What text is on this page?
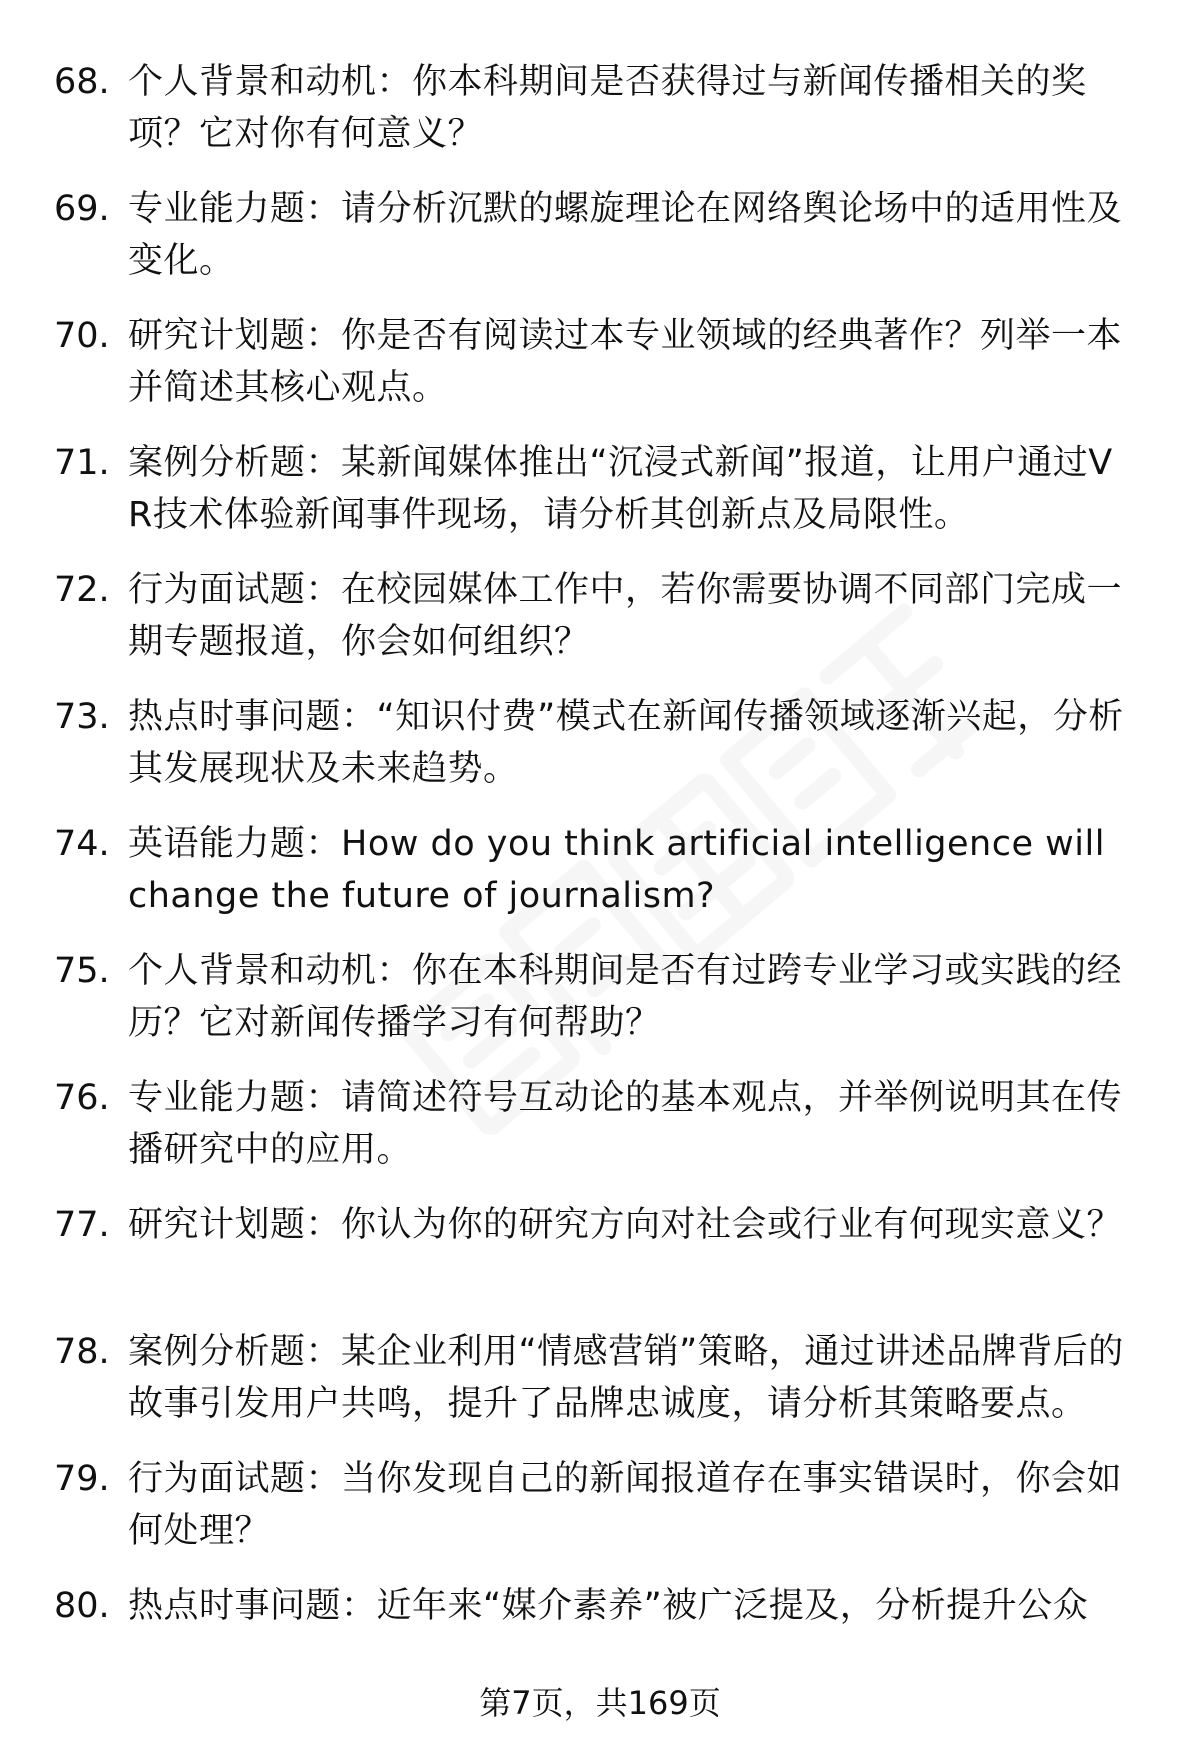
68. 个人背景和动机：你本科期间是否获得过与新闻传播相关的奖项？它对你有何意义？
69. 专业能力题：请分析沉默的螺旋理论在网络舆论场中的适用性及变化。
70. 研究计划题：你是否有阅读过本专业领域的经典著作？列举一本并简述其核心观点。
71. 案例分析题：某新闻媒体推出“沉浸式新闻”报道，让用户通过VR技术体验新闻事件现场，请分析其创新点及局限性。
72. 行为面试题：在校园媒体工作中，若你需要协调不同部门完成一期专题报道，你会如何组织？
73. 热点时事问题：“知识付费”模式在新闻传播领域逐渐兴起，分析其发展现状及未来趋势。
74. 英语能力题：How do you think artificial intelligence will change the future of journalism?
75. 个人背景和动机：你在本科期间是否有过跨专业学习或实践的经历？它对新闻传播学习有何帮助？
76. 专业能力题：请简述符号互动论的基本观点，并举例说明其在传播研究中的应用。
77. 研究计划题：你认为你的研究方向对社会或行业有何现实意义？
78. 案例分析题：某企业利用“情感营销”策略，通过讲述品牌背后的故事引发用户共鸣，提升了品牌忠诚度，请分析其策略要点。
79. 行为面试题：当你发现自己的新闻报道存在事实错误时，你会如何处理？
80. 热点时事问题：近年来“媒介素养”被广泛提及，分析提升公众
第7页，共169页
